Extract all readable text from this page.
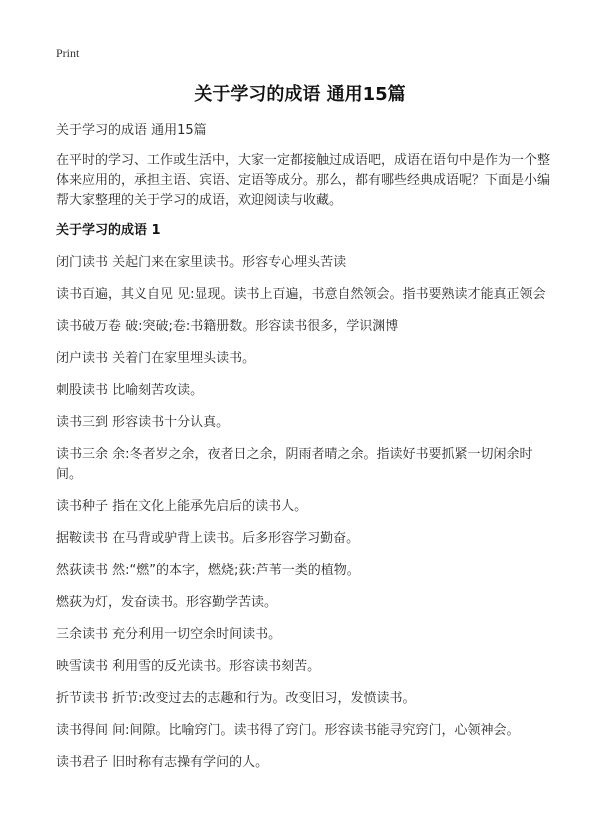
Print
关于学习的成语 通用15篇

关于学习的成语 通用15篇

在平时的学习、工作或生活中，大家一定都接触过成语吧，成语在语句中是作为一个整体来应用的，承担主语、宾语、定语等成分。那么，都有哪些经典成语呢？下面是小编帮大家整理的关于学习的成语，欢迎阅读与收藏。

关于学习的成语 1

闭门读书 关起门来在家里读书。形容专心埋头苦读

读书百遍，其义自见 见:显现。读书上百遍，书意自然领会。指书要熟读才能真正领会

读书破万卷 破:突破;卷:书籍册数。形容读书很多，学识渊博

闭户读书 关着门在家里埋头读书。

刺股读书 比喻刻苦攻读。

读书三到 形容读书十分认真。

读书三余 余:冬者岁之余，夜者日之余，阴雨者晴之余。指读好书要抓紧一切闲余时间。

读书种子 指在文化上能承先启后的读书人。

据鞍读书 在马背或驴背上读书。后多形容学习勤奋。

然荻读书 然:“燃”的本字，燃烧;荻:芦苇一类的植物。

燃荻为灯，发奋读书。形容勤学苦读。

三余读书 充分利用一切空余时间读书。

映雪读书 利用雪的反光读书。形容读书刻苦。

折节读书 折节:改变过去的志趣和行为。改变旧习，发愤读书。

读书得间 间:间隙。比喻窍门。读书得了窍门。形容读书能寻究窍门，心领神会。

读书君子 旧时称有志操有学问的人。
